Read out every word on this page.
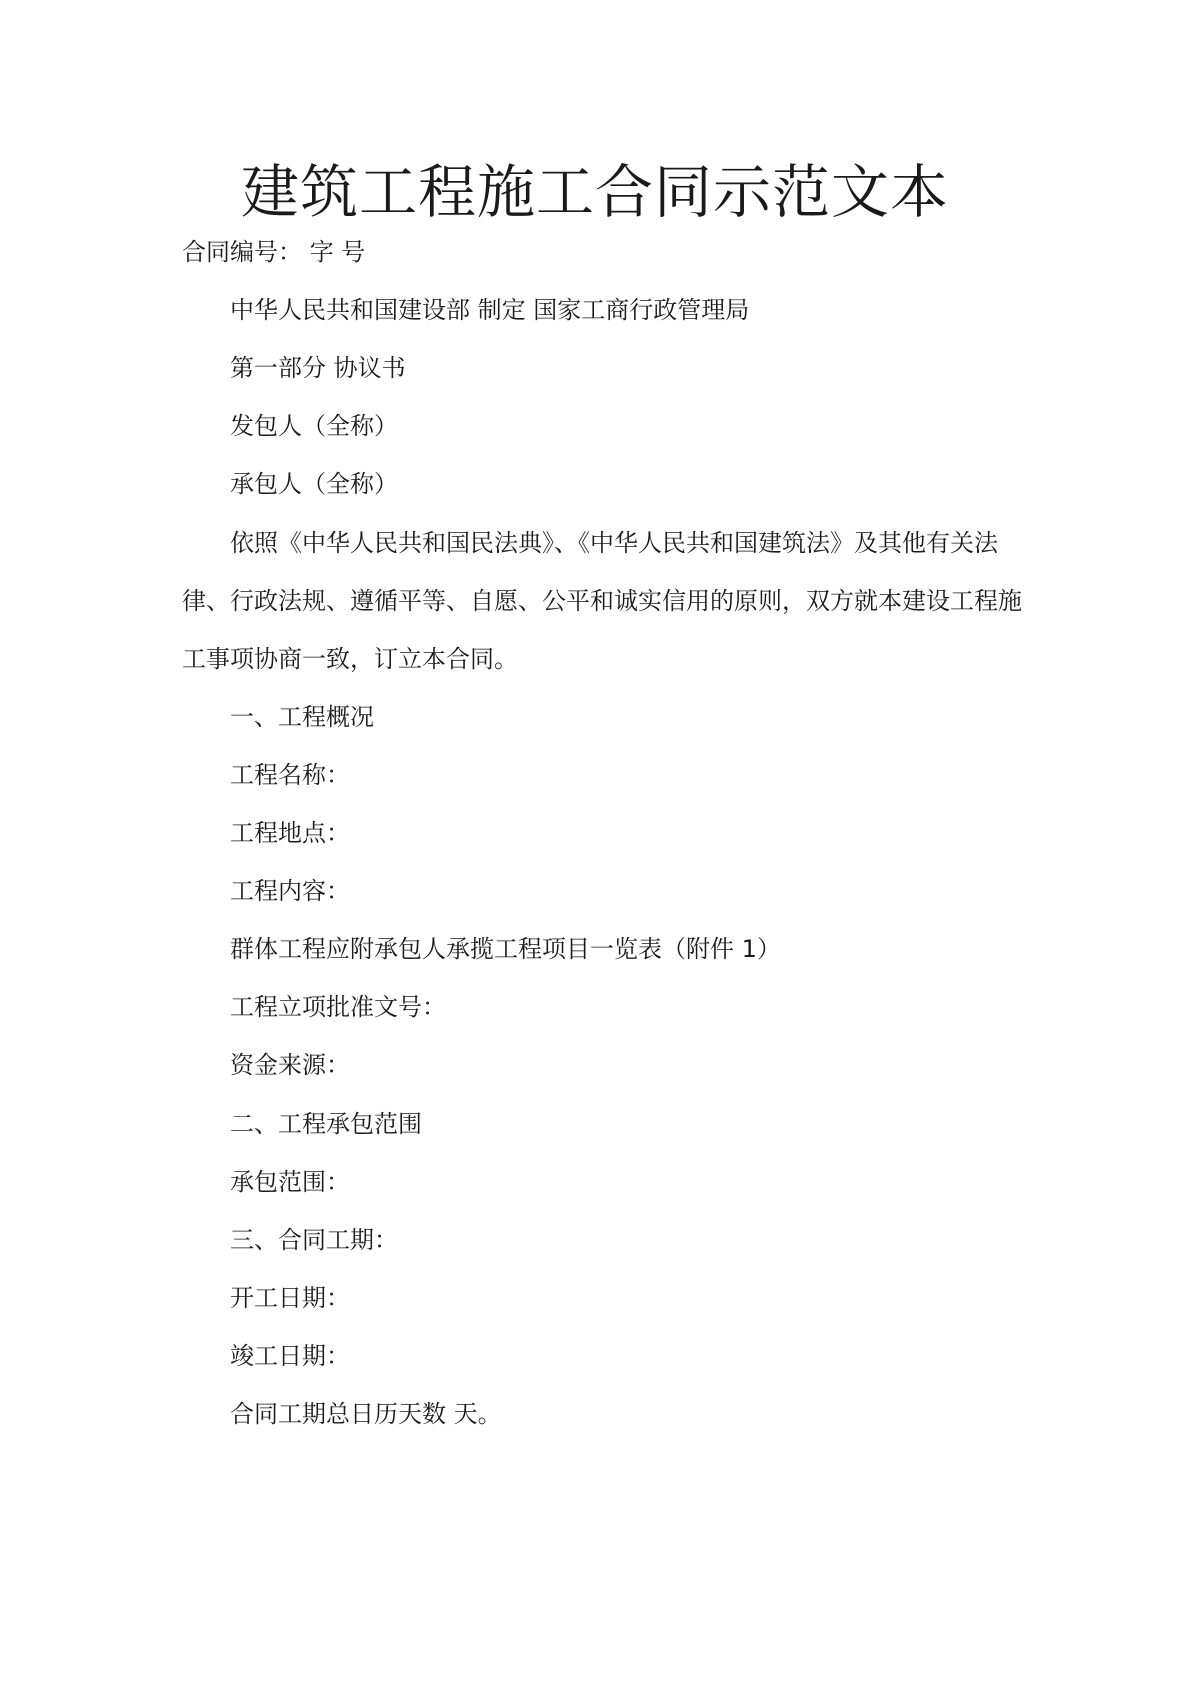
建筑工程施工合同示范文本

合同编号： 字 号

中华人民共和国建设部 制定 国家工商行政管理局

第一部分 协议书

发包人（全称）

承包人（全称）

依照《中华人民共和国民法典》、《中华人民共和国建筑法》及其他有关法

律、行政法规、遵循平等、自愿、公平和诚实信用的原则，双方就本建设工程施

工事项协商一致，订立本合同。

一、工程概况

工程名称：

工程地点：

工程内容：

群体工程应附承包人承揽工程项目一览表（附件 1）

工程立项批准文号：

资金来源：

二、工程承包范围

承包范围：

三、合同工期：

开工日期：

竣工日期：

合同工期总日历天数 天。
